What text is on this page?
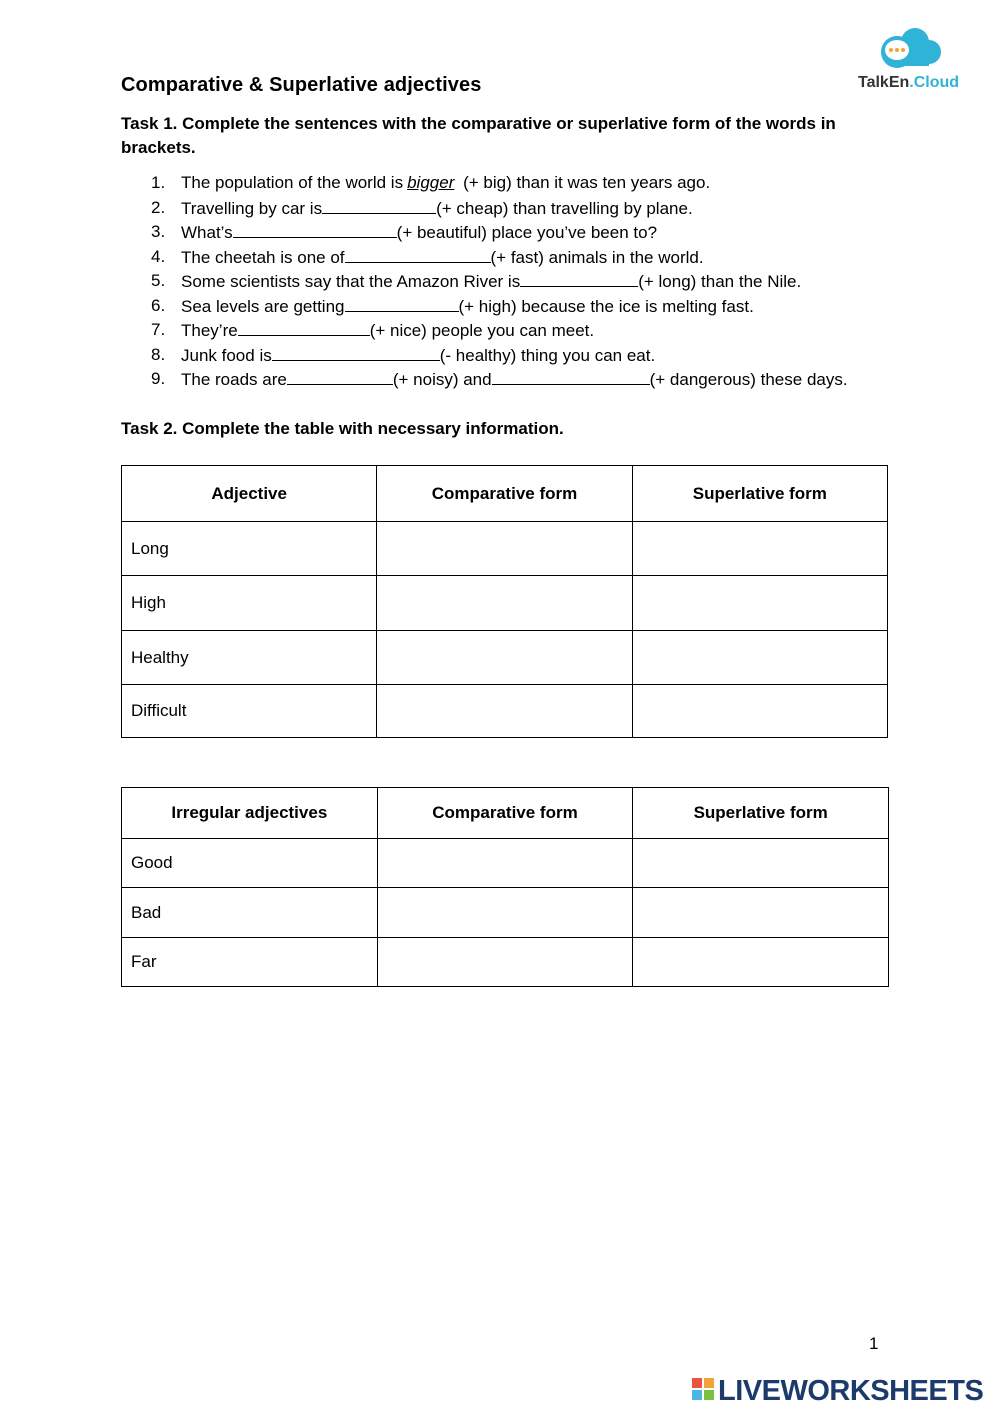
Comparative & Superlative adjectives	TalkEn.Cloud
Task 1. Complete the sentences with the comparative or superlative form of the words in brackets.
1. The population of the world is bigger (+ big) than it was ten years ago.
2. Travelling by car is	(+ cheap) than travelling by plane.
3. What’s	(+ beautiful) place you’ve been to?
4. The cheetah is one of	(+ fast) animals in the world.
5. Some scientists say that the Amazon River is	(+ long) than the Nile.
6. Sea levels are getting	(+ high) because the ice is melting fast.
7. They’re	(+ nice) people you can meet.
8. Junk food is	(- healthy) thing you can eat.
9. The roads are	(+ noisy) and	(+ dangerous) these days.
Task 2. Complete the table with necessary information.
Adjective	Comparative form	Superlative form
Long		
High		
Healthy		
Difficult		
Irregular adjectives	Comparative form	Superlative form
Good		
Bad		
Far		
1
LIVEWORKSHEETS
